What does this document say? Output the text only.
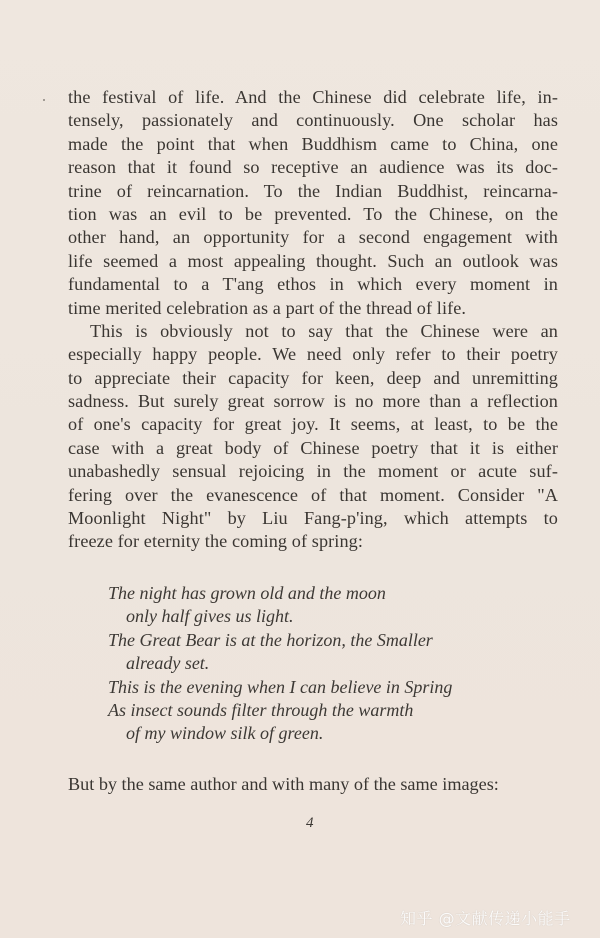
the festival of life. And the Chinese did celebrate life, in-
tensely, passionately and continuously. One scholar has
made the point that when Buddhism came to China, one
reason that it found so receptive an audience was its doc-
trine of reincarnation. To the Indian Buddhist, reincarna-
tion was an evil to be prevented. To the Chinese, on the
other hand, an opportunity for a second engagement with
life seemed a most appealing thought. Such an outlook was
fundamental to a T'ang ethos in which every moment in
time merited celebration as a part of the thread of life.
This is obviously not to say that the Chinese were an
especially happy people. We need only refer to their poetry
to appreciate their capacity for keen, deep and unremitting
sadness. But surely great sorrow is no more than a reflection
of one's capacity for great joy. It seems, at least, to be the
case with a great body of Chinese poetry that it is either
unabashedly sensual rejoicing in the moment or acute suf-
fering over the evanescence of that moment. Consider "A
Moonlight Night" by Liu Fang-p'ing, which attempts to
freeze for eternity the coming of spring:
The night has grown old and the moon
only half gives us light.
The Great Bear is at the horizon, the Smaller
already set.
This is the evening when I can believe in Spring
As insect sounds filter through the warmth
of my window silk of green.
But by the same author and with many of the same images:
4
知乎 @文献传递小能手
